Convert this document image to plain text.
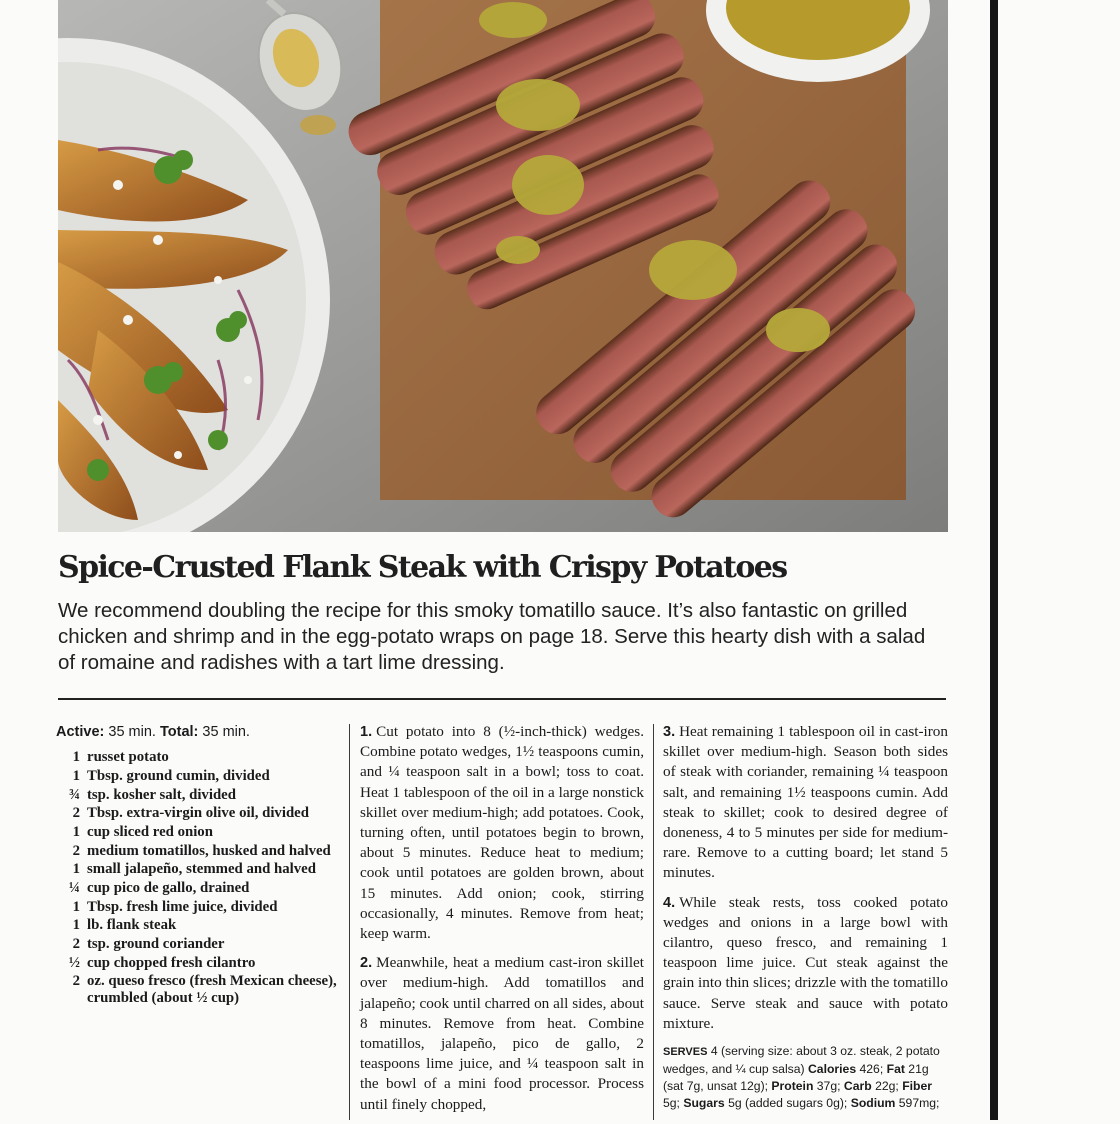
Spice-Crusted Flank Steak with Crispy Potatoes

We recommend doubling the recipe for this smoky tomatillo sauce. It’s also fantastic on grilled chicken and shrimp and in the egg-potato wraps on page 18. Serve this hearty dish with a salad of romaine and radishes with a tart lime dressing.

Active: 35 min. Total: 35 min.
1 russet potato
1 Tbsp. ground cumin, divided
¾ tsp. kosher salt, divided
2 Tbsp. extra-virgin olive oil, divided
1 cup sliced red onion
2 medium tomatillos, husked and halved
1 small jalapeño, stemmed and halved
¼ cup pico de gallo, drained
1 Tbsp. fresh lime juice, divided
1 lb. flank steak
2 tsp. ground coriander
½ cup chopped fresh cilantro
2 oz. queso fresco (fresh Mexican cheese), crumbled (about ½ cup)

1. Cut potato into 8 (½-inch-thick) wedges. Combine potato wedges, 1½ teaspoons cumin, and ¼ teaspoon salt in a bowl; toss to coat. Heat 1 tablespoon of the oil in a large nonstick skillet over medium-high; add potatoes. Cook, turning often, until potatoes begin to brown, about 5 minutes. Reduce heat to medium; cook until potatoes are golden brown, about 15 minutes. Add onion; cook, stirring occasionally, 4 minutes. Remove from heat; keep warm.

2. Meanwhile, heat a medium cast-iron skillet over medium-high. Add tomatillos and jalapeño; cook until charred on all sides, about 8 minutes. Remove from heat. Combine tomatillos, jalapeño, pico de gallo, 2 teaspoons lime juice, and ¼ teaspoon salt in the bowl of a mini food processor. Process until finely chopped,

3. Heat remaining 1 tablespoon oil in cast-iron skillet over medium-high. Season both sides of steak with coriander, remaining ¼ teaspoon salt, and remaining 1½ teaspoons cumin. Add steak to skillet; cook to desired degree of doneness, 4 to 5 minutes per side for medium-rare. Remove to a cutting board; let stand 5 minutes.

4. While steak rests, toss cooked potato wedges and onions in a large bowl with cilantro, queso fresco, and remaining 1 teaspoon lime juice. Cut steak against the grain into thin slices; drizzle with the tomatillo sauce. Serve steak and sauce with potato mixture.

SERVES 4 (serving size: about 3 oz. steak, 2 potato wedges, and ¼ cup salsa) Calories 426; Fat 21g (sat 7g, unsat 12g); Protein 37g; Carb 22g; Fiber 5g; Sugars 5g (added sugars 0g); Sodium 597mg;
